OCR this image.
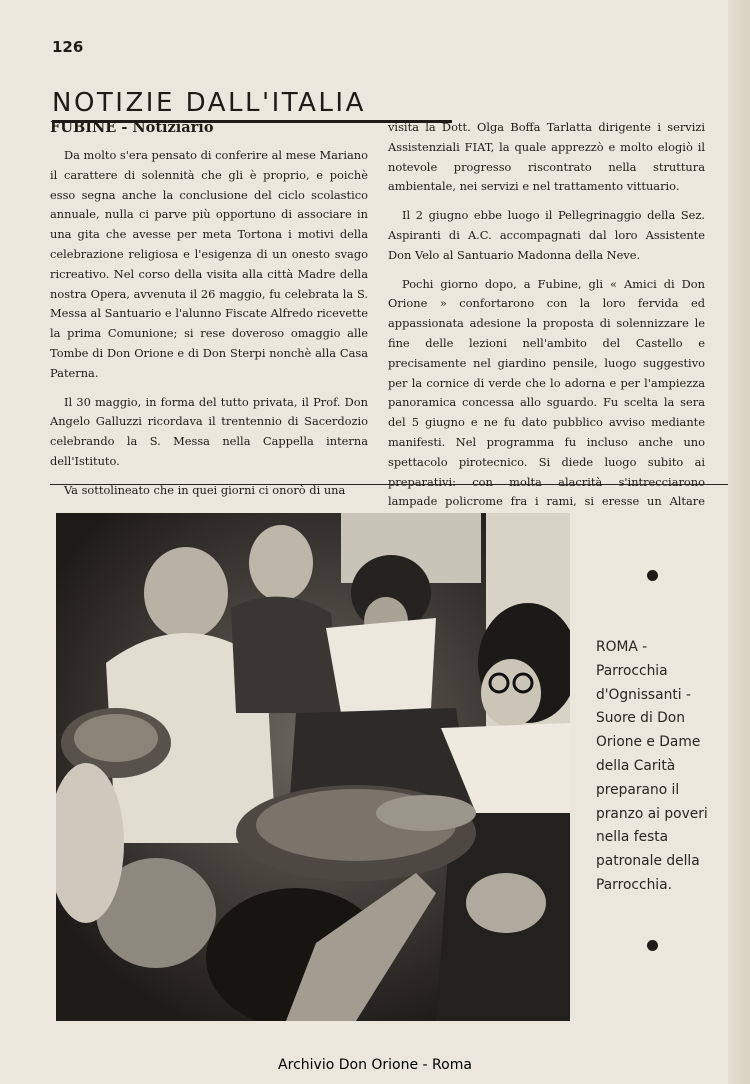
126
NOTIZIE DALL'ITALIA
FUBINE - Notiziario

Da molto s'era pensato di conferire al mese Mariano il carattere di solennità che gli è proprio, e poichè esso segna anche la conclusione del ciclo scolastico annuale, nulla ci parve più opportuno di associare in una gita che avesse per meta Tortona i motivi della celebrazione religiosa e l'esigenza di un onesto svago ricreativo. Nel corso della visita alla città Madre della nostra Opera, avvenuta il 26 maggio, fu celebrata la S. Messa al Santuario e l'alunno Fiscate Alfredo ricevette la prima Comunione; si rese doveroso omaggio alle Tombe di Don Orione e di Don Sterpi nonchè alla Casa Paterna.

Il 30 maggio, in forma del tutto privata, il Prof. Don Angelo Galluzzi ricordava il trentennio di Sacerdozio celebrando la S. Messa nella Cappella interna dell'Istituto.

Va sottolineato che in quei giorni ci onorò di una

visita la Dott. Olga Boffa Tarlatta dirigente i servizi Assistenziali FIAT, la quale apprezzò e molto elogiò il notevole progresso riscontrato nella struttura ambientale, nei servizi e nel trattamento vittuario.

Il 2 giugno ebbe luogo il Pellegrinaggio della Sez. Aspiranti di A.C. accompagnati dal loro Assistente Don Velo al Santuario Madonna della Neve.

Pochi giorno dopo, a Fubine, gli « Amici di Don Orione » confortarono con la loro fervida ed appassionata adesione la proposta di solennizzare le fine delle lezioni nell'ambito del Castello e precisamente nel giardino pensile, luogo suggestivo per la cornice di verde che lo adorna e per l'ampiezza panoramica concessa allo sguardo. Fu scelta la sera del 5 giugno e ne fu dato pubblico avviso mediante manifesti. Nel programma fu incluso anche uno spettacolo pirotecnico. Si diede luogo subito ai preparativi: con molta alacrità s'intrecciarono lampade policrome fra i rami, si eresse un Altare

ROMA - Parrocchia d'Ognissanti - Suore di Don Orione e Dame della Carità preparano il pranzo ai poveri nella festa patronale della Parrocchia.
Archivio Don Orione - Roma
